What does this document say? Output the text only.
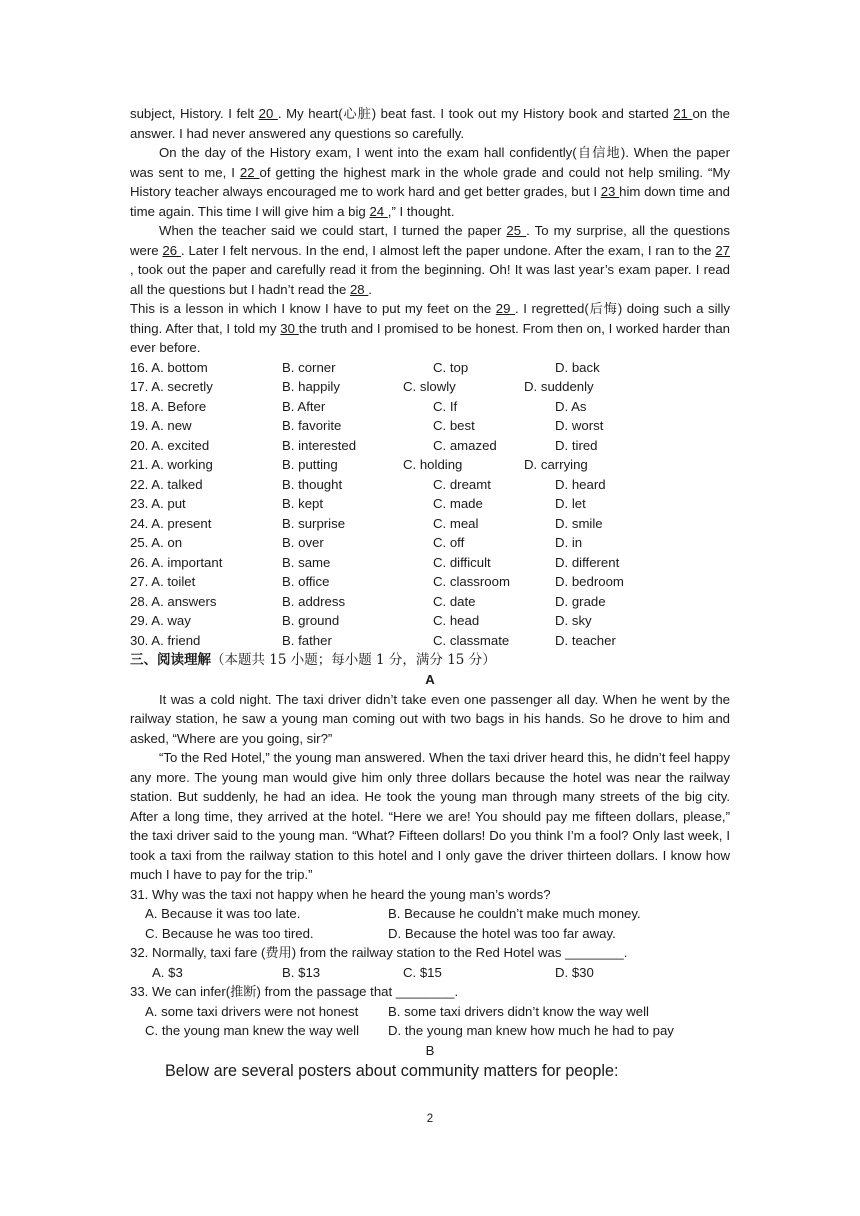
subject, History. I felt 20 . My heart(心脏) beat fast. I took out my History book and started 21 on the answer. I had never answered any questions so carefully.

On the day of the History exam, I went into the exam hall confidently(自信地). When the paper was sent to me, I 22 of getting the highest mark in the whole grade and could not help smiling. “My History teacher always encouraged me to work hard and get better grades, but I 23 him down time and time again. This time I will give him a big 24 ,” I thought.

When the teacher said we could start, I turned the paper 25 . To my surprise, all the questions were 26 . Later I felt nervous. In the end, I almost left the paper undone. After the exam, I ran to the 27 , took out the paper and carefully read it from the beginning. Oh! It was last year’s exam paper. I read all the questions but I hadn’t read the 28 .

This is a lesson in which I know I have to put my feet on the 29 . I regretted(后悔) doing such a silly thing. After that, I told my 30 the truth and I promised to be honest. From then on, I worked harder than ever before.

16. A. bottom	B. corner	C. top	D. back
17. A. secretly	B. happily	C. slowly	D. suddenly
18. A. Before	B. After	C. If	D. As
19. A. new	B. favorite	C. best	D. worst
20. A. excited	B. interested	C. amazed	D. tired
21. A. working	B. putting	C. holding	D. carrying
22. A. talked	B. thought	C. dreamt	D. heard
23. A. put	B. kept	C. made	D. let
24. A. present	B. surprise	C. meal	D. smile
25. A. on	B. over	C. off	D. in
26. A. important	B. same	C. difficult	D. different
27. A. toilet	B. office	C. classroom	D. bedroom
28. A. answers	B. address	C. date	D. grade
29. A. way	B. ground	C. head	D. sky
30. A. friend	B. father	C. classmate	D. teacher

三、阅读理解（本题共 15 小题；每小题 1 分，满分 15 分）

A

It was a cold night. The taxi driver didn’t take even one passenger all day. When he went by the railway station, he saw a young man coming out with two bags in his hands. So he drove to him and asked, “Where are you going, sir?”

“To the Red Hotel,” the young man answered. When the taxi driver heard this, he didn’t feel happy any more. The young man would give him only three dollars because the hotel was near the railway station. But suddenly, he had an idea. He took the young man through many streets of the big city. After a long time, they arrived at the hotel. “Here we are! You should pay me fifteen dollars, please,” the taxi driver said to the young man. “What? Fifteen dollars! Do you think I’m a fool? Only last week, I took a taxi from the railway station to this hotel and I only gave the driver thirteen dollars. I know how much I have to pay for the trip.”

31. Why was the taxi not happy when he heard the young man’s words?

A. Because it was too late.	B. Because he couldn’t make much money.
C. Because he was too tired.	D. Because the hotel was too far away.

32. Normally, taxi fare (费用) from the railway station to the Red Hotel was ________.

A. $3	B. $13	C. $15	D. $30

33. We can infer(推断) from the passage that ________.

A. some taxi drivers were not honest	B. some taxi drivers didn’t know the way well
C. the young man knew the way well	D. the young man knew how much he had to pay

B

Below are several posters about community matters for people:

2
